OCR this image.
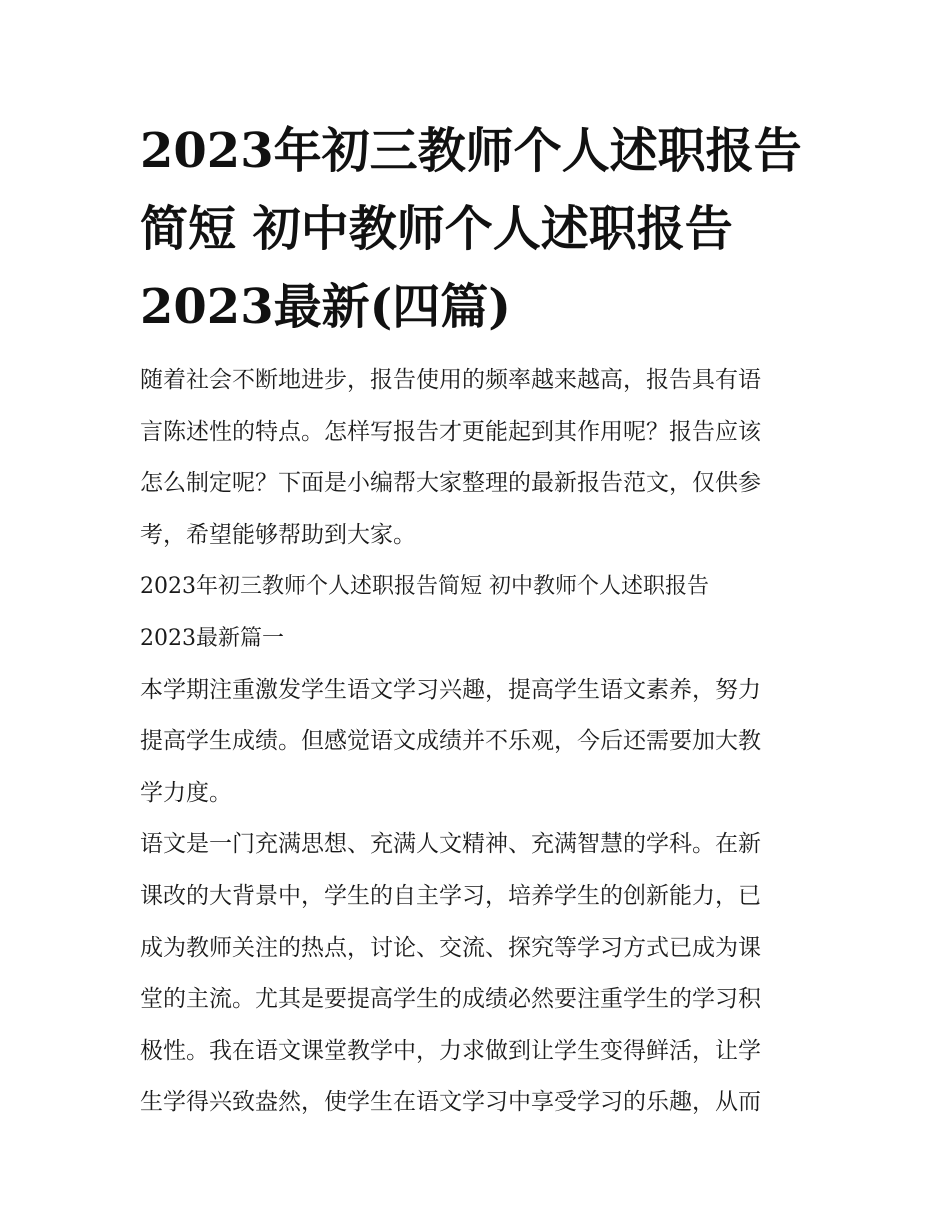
2023年初三教师个人述职报告
简短 初中教师个人述职报告
2023最新(四篇)
随着社会不断地进步，报告使用的频率越来越高，报告具有语
言陈述性的特点。怎样写报告才更能起到其作用呢？报告应该
怎么制定呢？下面是小编帮大家整理的最新报告范文，仅供参
考，希望能够帮助到大家。
2023年初三教师个人述职报告简短 初中教师个人述职报告
2023最新篇一
本学期注重激发学生语文学习兴趣，提高学生语文素养，努力
提高学生成绩。但感觉语文成绩并不乐观，今后还需要加大教
学力度。
语文是一门充满思想、充满人文精神、充满智慧的学科。在新
课改的大背景中，学生的自主学习，培养学生的创新能力，已
成为教师关注的热点，讨论、交流、探究等学习方式已成为课
堂的主流。尤其是要提高学生的成绩必然要注重学生的学习积
极性。我在语文课堂教学中，力求做到让学生变得鲜活，让学
生学得兴致盎然，使学生在语文学习中享受学习的乐趣，从而
